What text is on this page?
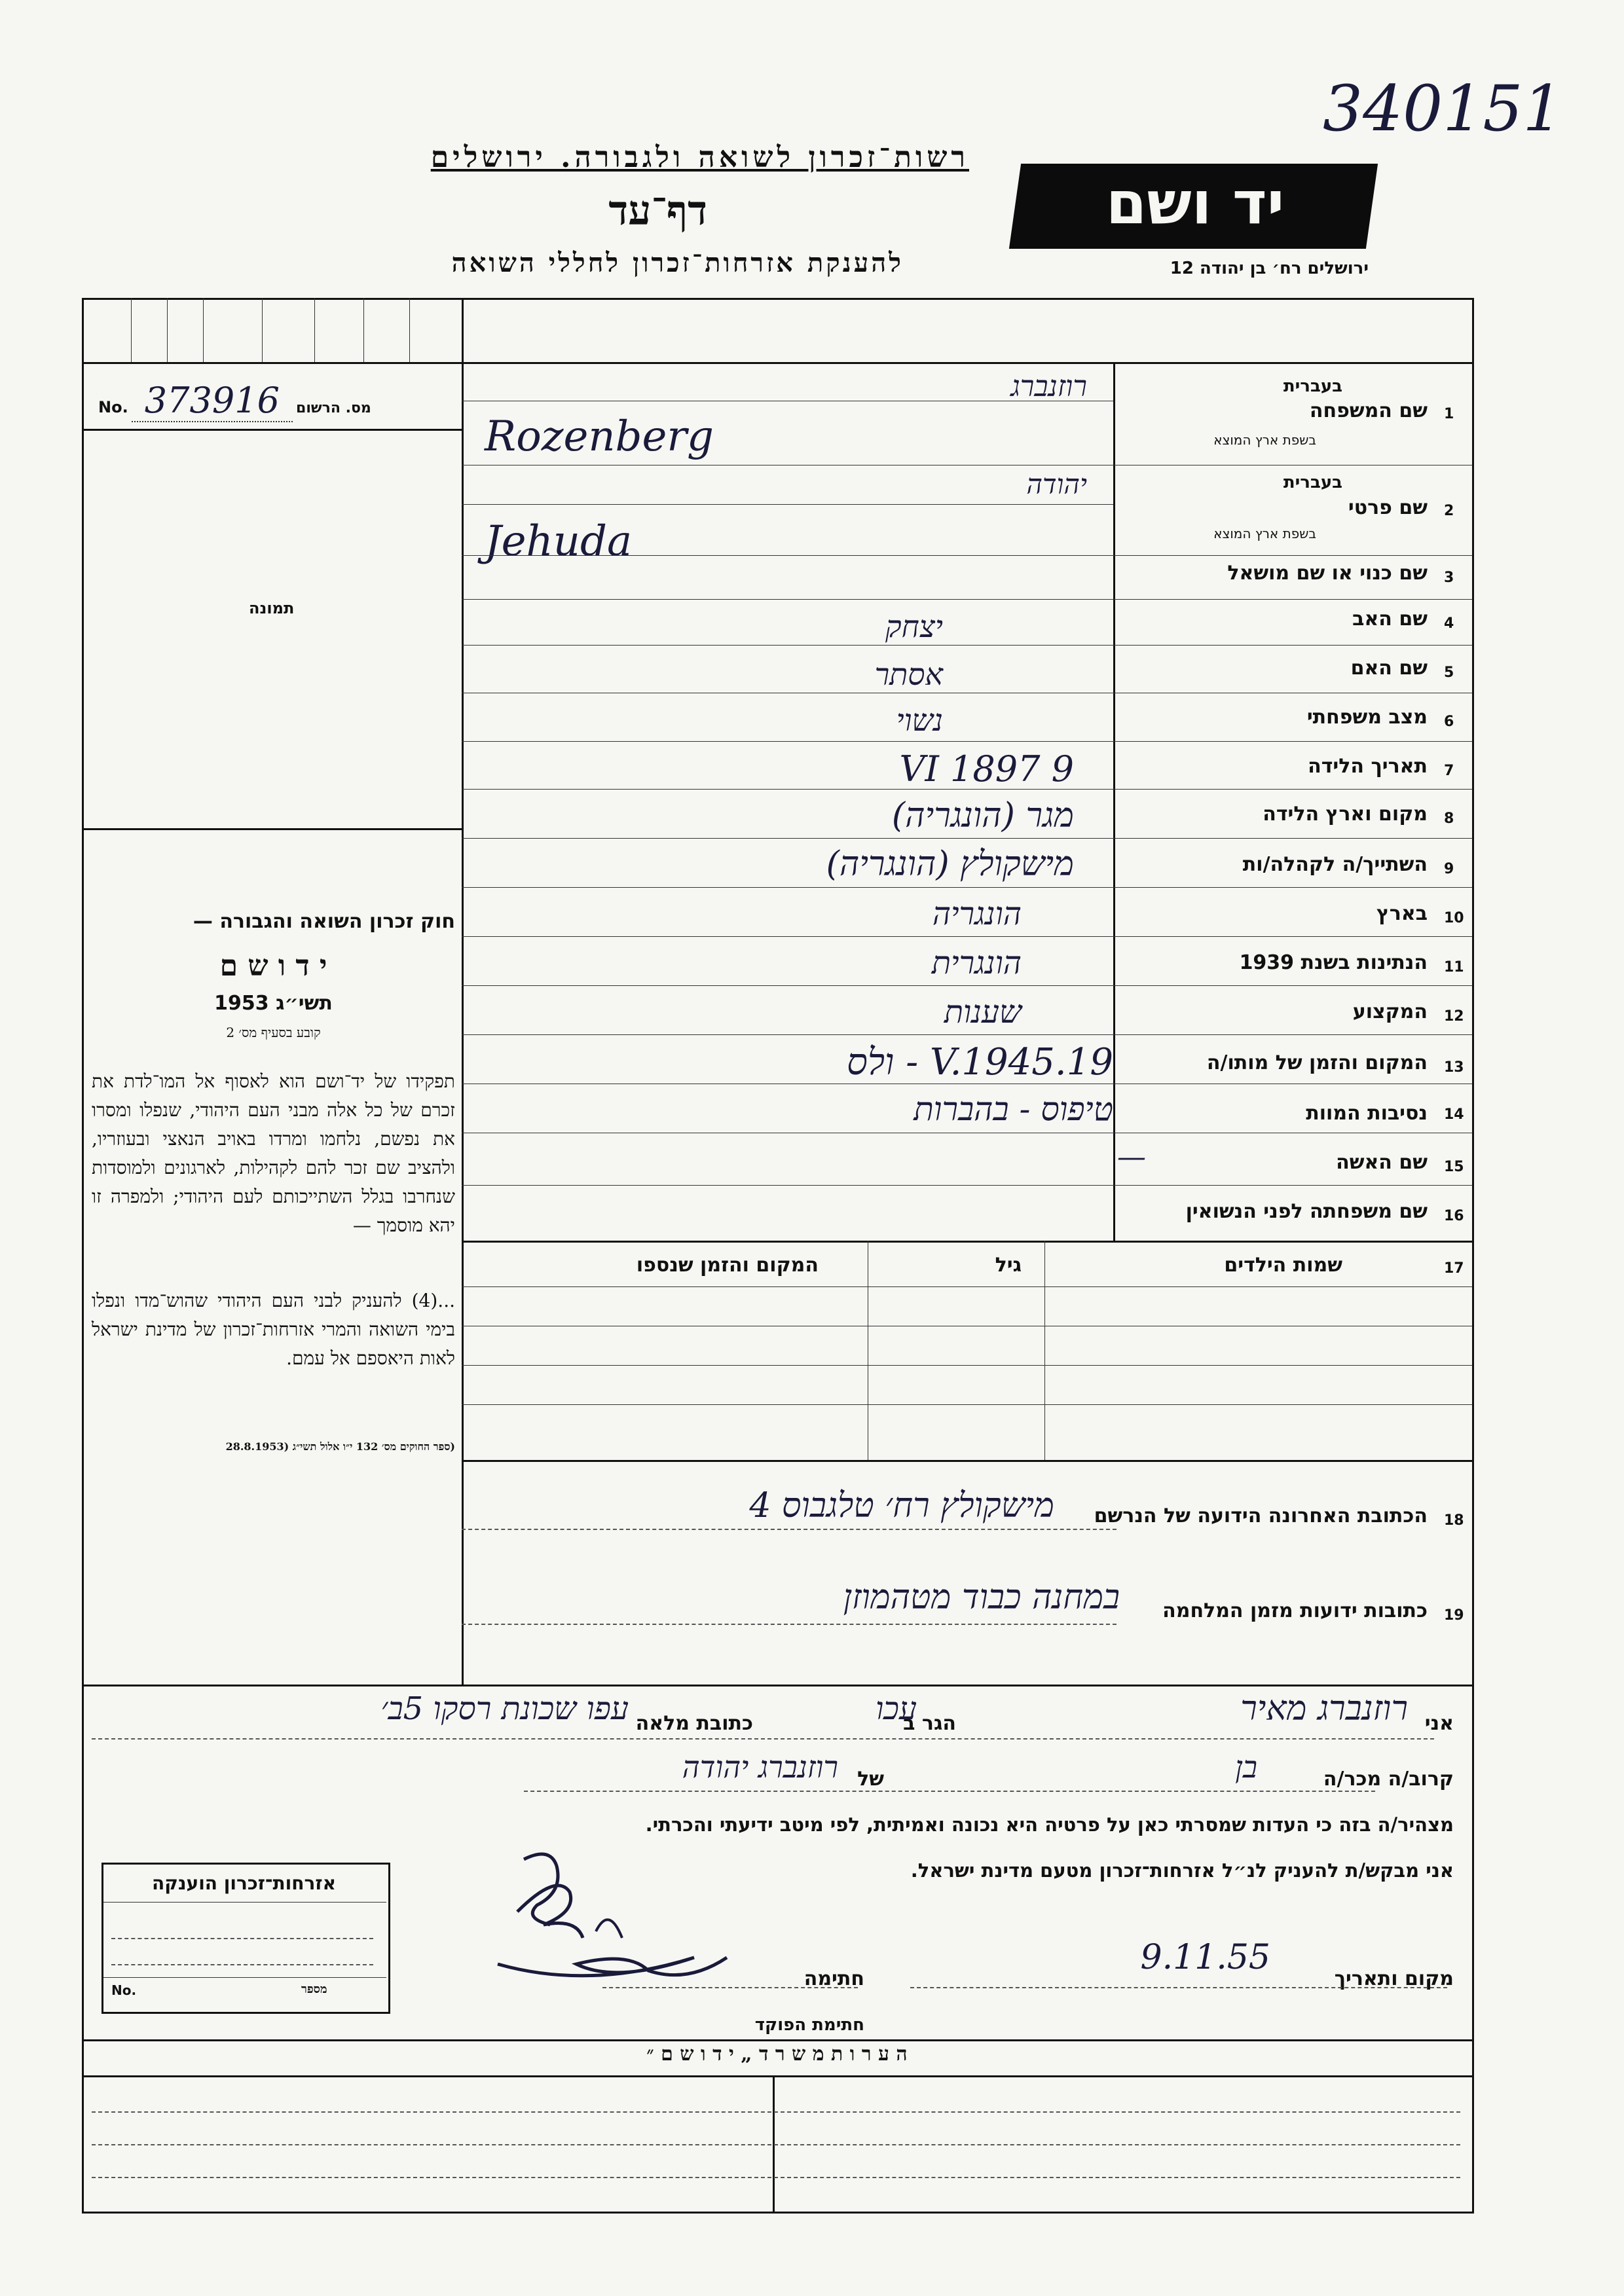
340151
רשות־זכרון לשואה ולגבורה. ירושלים
דף־עד
להענקת אזרחות־זכרון לחללי השואה
יד ושם
ירושלים רח׳ בן יהודה 12
No. 373916 מס. הרשום
תמונה
חוק זכרון השואה והגבורה —
י ד ו ש ם
תשי״ג 1953
קובע בסעיף מס׳ 2
תפקידו של יד־ושם הוא לאסוף אל המו־לדת את זכרם של כל אלה מבני העם היהודי, שנפלו ומסרו את נפשם, נלחמו ומרדו באויב הנאצי ובעוזריו, ולהציב שם זכר להם לקהילות, לארגונים ולמוסדות שנחרבו בגלל השתייכותם לעם היהודי; ולמפרה זו יהא מוסמך —
...(4) להעניק לבני העם היהודי שהוש־מדו ונפלו בימי השואה והמרי אזרחות־זכרון של מדינת ישראל לאות היאספם אל עמם.
(ספר החוקים מס׳ 132 י״ו אלול תשי״ג (28.8.1953
1
שם המשפחה
בעברית
בשפת ארץ המוצא
רוזנברג
Rozenberg
2
שם פרטי
בעברית
בשפת ארץ המוצא
יהודה
Jehuda
3
שם כנוי או שם מושאל
4
שם האב
יצחק
5
שם האם
אסתר
6
מצב משפחתי
נשוי
7
תאריך הלידה
9 VI 1897
8
מקום וארץ הלידה
מגר (הונגריה)
9
השתייך/ה לקהלה/ות
מישקולץ (הונגריה)
10
בארץ
הונגריה
11
הנתינות בשנת 1939
הונגרית
12
המקצוע
שענות
13
המקום והזמן של מותו/ה
19.V.1945 - ולס
14
נסיבות המוות
טיפוס - בהברות
15
שם האשה
—
16
שם משפחתה לפני הנשואין
17
שמות הילדים
גיל
המקום והזמן שנספו
18
הכתובת האחרונה הידועה של הנרשם
מישקולץ רח׳ טלגבוס 4
19
כתובות ידועות מזמן המלחמה
במחנה כבוד מטהמוזן
אני
רוזנברג מאיר
הגר ב
עכו
כתובת מלאה
עפו שכונת רסקו 5ב׳
קרוב/ה מכר/ה
בן
של
רוזנברג יהודה
מצהיר/ה בזה כי העדות שמסרתי כאן על פרטיה היא נכונה ואמיתית, לפי מיטב ידיעתי והכרתי.
אני מבקש/ת להעניק לנ״ל אזרחות־זכרון מטעם מדינת ישראל.
אזרחות־זכרון הוענקה
No.	מספר	מקום ותאריך
9.11.55
חתימה
חתימת הפוקד
ה ע ר ו ת מ ש ר ד „ י ד ו ש ם ״
